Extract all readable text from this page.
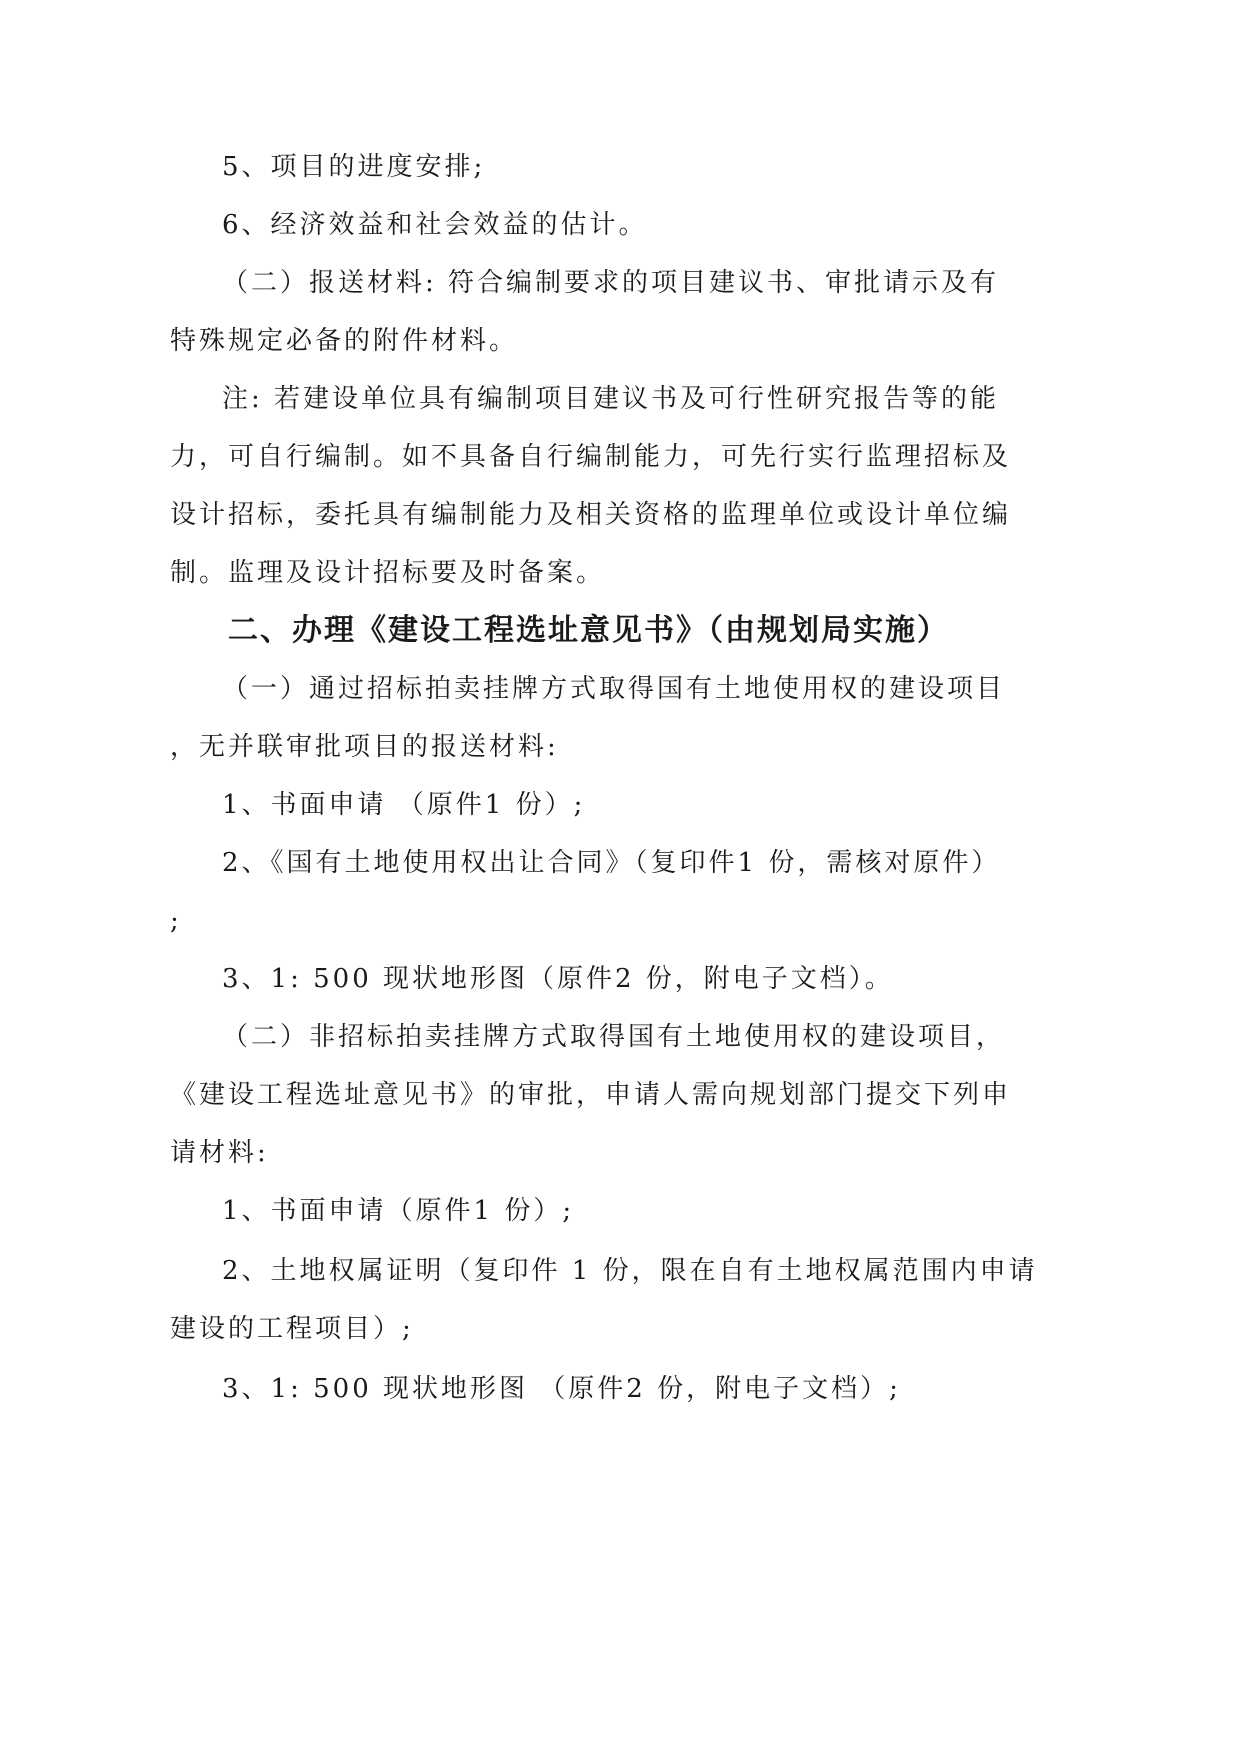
5、项目的进度安排;
6、经济效益和社会效益的估计。
（二）报送材料: 符合编制要求的项目建议书、审批请示及有
特殊规定必备的附件材料。
注: 若建设单位具有编制项目建议书及可行性研究报告等的能
力，可自行编制。如不具备自行编制能力，可先行实行监理招标及
设计招标，委托具有编制能力及相关资格的监理单位或设计单位编
制。监理及设计招标要及时备案。
二、办理《建设工程选址意见书》（由规划局实施）
（一）通过招标拍卖挂牌方式取得国有土地使用权的建设项目
，无并联审批项目的报送材料:
1、书面申请 （原件1 份）;
2、《国有土地使用权出让合同》（复印件1 份，需核对原件）
;
3、1: 500 现状地形图（原件2 份，附电子文档）。
（二）非招标拍卖挂牌方式取得国有土地使用权的建设项目，
《建设工程选址意见书》的审批，申请人需向规划部门提交下列申
请材料:
1、书面申请（原件1 份）;
2、土地权属证明（复印件 1 份，限在自有土地权属范围内申请
建设的工程项目）;
3、1: 500 现状地形图 （原件2 份，附电子文档）;
